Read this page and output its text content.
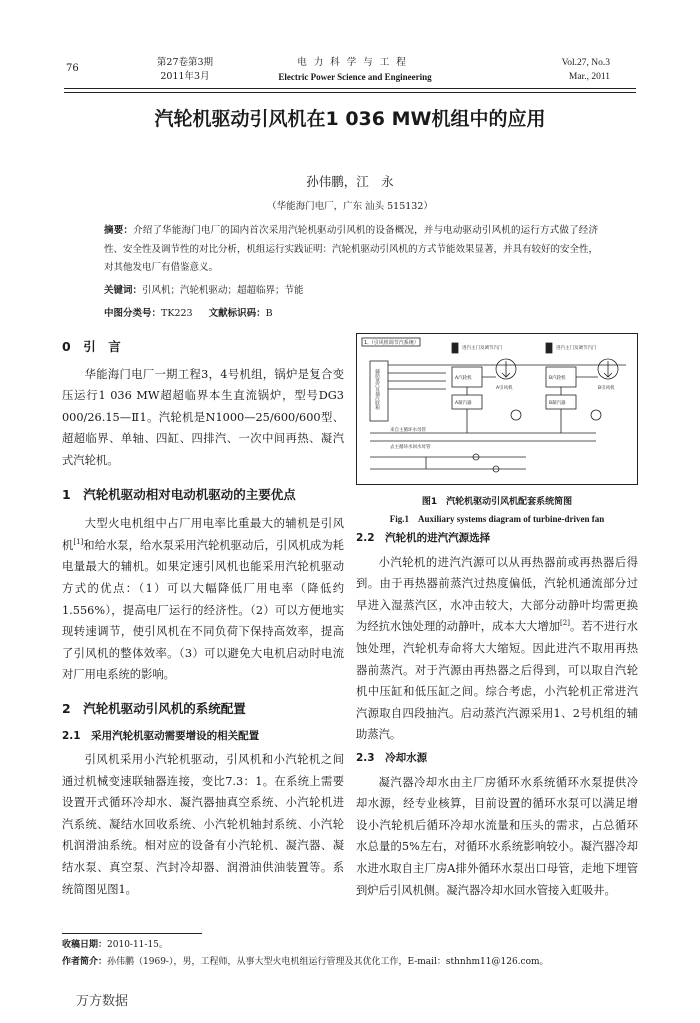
76
第27卷第3期
2011年3月
电力科学与工程
Electric Power Science and Engineering
Vol.27, No.3
Mar., 2011
汽轮机驱动引风机在1 036 MW机组中的应用
孙伟鹏，江　永
（华能海门电厂，广东 汕头 515132）
摘要：介绍了华能海门电厂的国内首次采用汽轮机驱动引风机的设备概况，并与电动驱动引风机的运行方式做了经济性、安全性及调节性的对比分析，机组运行实践证明：汽轮机驱动引风机的方式节能效果显著，并具有较好的安全性，对其他发电厂有借鉴意义。
关键词：引风机；汽轮机驱动；超超临界；节能
中图分类号：TK223 文献标识码：B
0　引　言

华能海门电厂一期工程3，4号机组，锅炉是复合变压运行1 036 MW超超临界本生直流锅炉，型号DG3 000/26.15—Ⅱ1。汽轮机是N1000—25/600/600型、超超临界、单轴、四缸、四排汽、一次中间再热、凝汽式汽轮机。

1　汽轮机驱动相对电动机驱动的主要优点

大型火电机组中占厂用电率比重最大的辅机是引风机[1]和给水泵，给水泵采用汽轮机驱动后，引风机成为耗电量最大的辅机。如果定速引风机也能采用汽轮机驱动方式的优点：（1）可以大幅降低厂用电率（降低约1.556%），提高电厂运行的经济性。（2）可以方便地实现转速调节，使引风机在不同负荷下保持高效率，提高了引风机的整体效率。（3）可以避免大电机启动时电流对厂用电系统的影响。

2　汽轮机驱动引风机的系统配置
2.1　采用汽轮机驱动需要增设的相关配置

引风机采用小汽轮机驱动，引风机和小汽轮机之间通过机械变速联轴器连接，变比7.3：1。在系统上需要设置开式循环冷却水、凝汽器抽真空系统、小汽轮机进汽系统、凝结水回收系统、小汽轮机轴封系统、小汽轮机润滑油系统。相对应的设备有小汽轮机、凝汽器、凝结水泵、真空泵、汽封冷却器、润滑油供油装置等。系统简图见图1。

1.（引风机调节汽系统）
辅助蒸汽及抽汽联箱
进汽主门及调节汽门
A汽轮机
A凝汽器
A引风机
进汽主门及调节汽门
B汽轮机
B凝汽器
B引风机
来自主循环水母管
去主循环水回水母管
图1　汽轮机驱动引风机配套系统简图
Fig.1　Auxiliary systems diagram of turbine-driven fan
2.2　汽轮机的进汽汽源选择

小汽轮机的进汽汽源可以从再热器前或再热器后得到。由于再热器前蒸汽过热度偏低，汽轮机通流部分过早进入湿蒸汽区，水冲击较大，大部分动静叶均需更换为经抗水蚀处理的动静叶，成本大大增加[2]。若不进行水蚀处理，汽轮机寿命将大大缩短。因此进汽不取用再热器前蒸汽。对于汽源由再热器之后得到，可以取自汽轮机中压缸和低压缸之间。综合考虑，小汽轮机正常进汽汽源取自四段抽汽。启动蒸汽汽源采用1、2号机组的辅助蒸汽。

2.3　冷却水源

凝汽器冷却水由主厂房循环水系统循环水泵提供冷却水源，经专业核算，目前设置的循环水泵可以满足增设小汽轮机后循环冷却水流量和压头的需求，占总循环水总量的5%左右，对循环水系统影响较小。凝汽器冷却水进水取自主厂房A排外循环水泵出口母管，走地下埋管到炉后引风机侧。凝汽器冷却水回水管接入虹吸井。

收稿日期：2010-11-15。
作者简介：孙伟鹏（1969-），男，工程师，从事大型火电机组运行管理及其优化工作，E-mail：sthnhm11@126.com。
万方数据
